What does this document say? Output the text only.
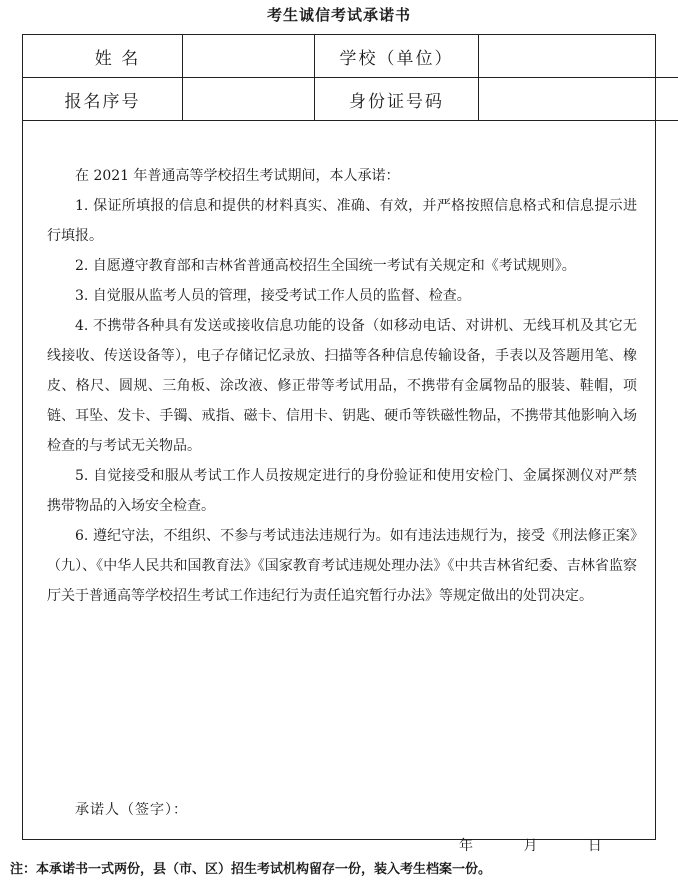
考生诚信考试承诺书
姓 名		学校（单位）	
报名序号		身份证号码	

在 2021 年普通高等学校招生考试期间，本人承诺：

1. 保证所填报的信息和提供的材料真实、准确、有效，并严格按照信息格式和信息提示进行填报。

2. 自愿遵守教育部和吉林省普通高校招生全国统一考试有关规定和《考试规则》。

3. 自觉服从监考人员的管理，接受考试工作人员的监督、检查。

4. 不携带各种具有发送或接收信息功能的设备（如移动电话、对讲机、无线耳机及其它无线接收、传送设备等），电子存储记忆录放、扫描等各种信息传输设备，手表以及答题用笔、橡皮、格尺、圆规、三角板、涂改液、修正带等考试用品，不携带有金属物品的服装、鞋帽，项链、耳坠、发卡、手镯、戒指、磁卡、信用卡、钥匙、硬币等铁磁性物品，不携带其他影响入场检查的与考试无关物品。

5. 自觉接受和服从考试工作人员按规定进行的身份验证和使用安检门、金属探测仪对严禁携带物品的入场安全检查。

6. 遵纪守法，不组织、不参与考试违法违规行为。如有违法违规行为，接受《刑法修正案》（九）、《中华人民共和国教育法》《国家教育考试违规处理办法》《中共吉林省纪委、吉林省监察厅关于普通高等学校招生考试工作违纪行为责任追究暂行办法》等规定做出的处罚决定。

承诺人（签字）：
年	月	日
注：本承诺书一式两份，县（市、区）招生考试机构留存一份，装入考生档案一份。
